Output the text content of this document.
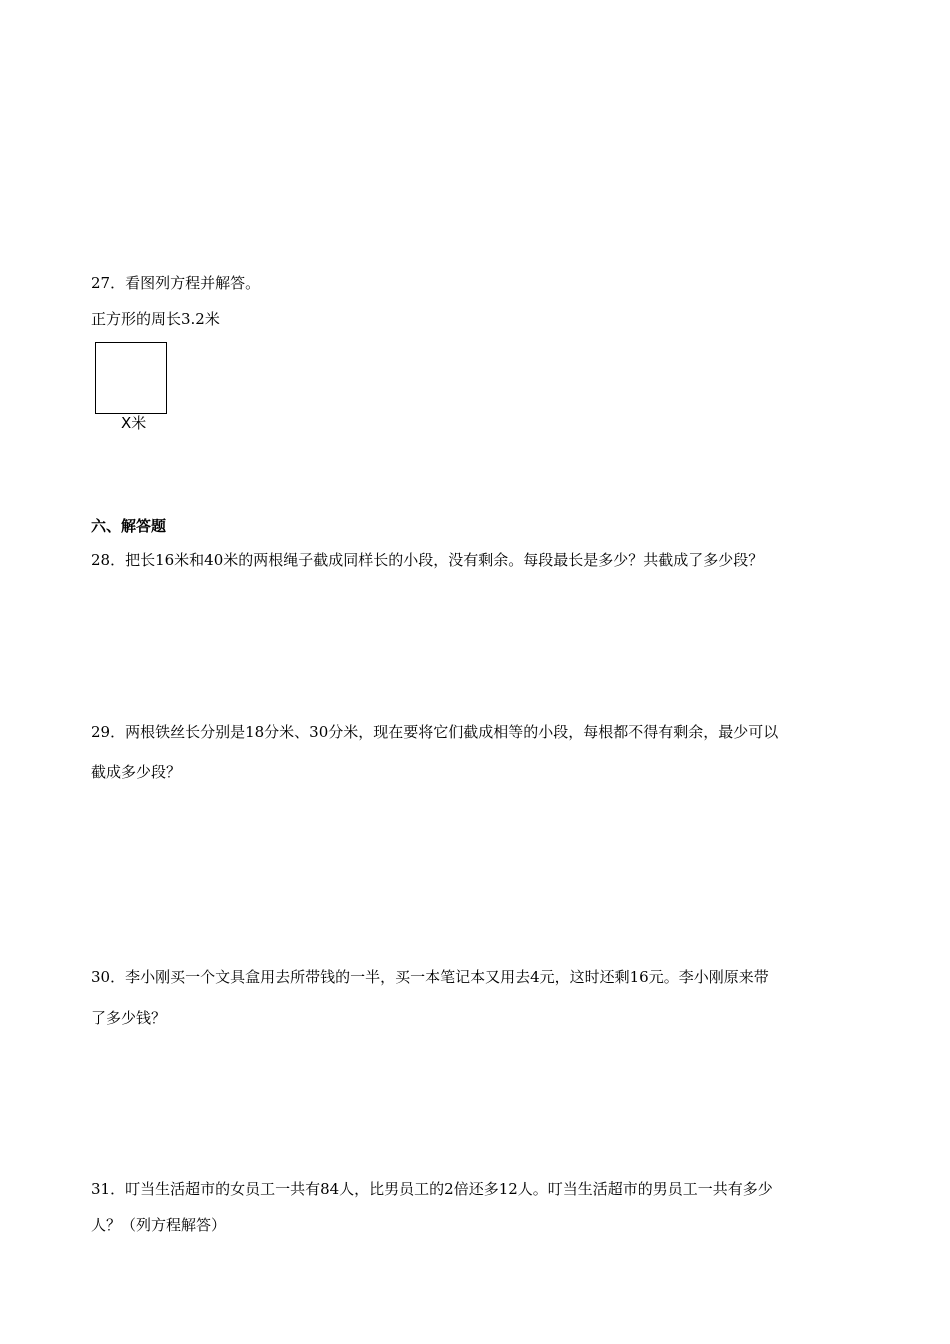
27．看图列方程并解答。
正方形的周长3.2米
X米
六、解答题
28．把长16米和40米的两根绳子截成同样长的小段，没有剩余。每段最长是多少？共截成了多少段？
29．两根铁丝长分别是18分米、30分米，现在要将它们截成相等的小段，每根都不得有剩余，最少可以
截成多少段？
30．李小刚买一个文具盒用去所带钱的一半，买一本笔记本又用去4元，这时还剩16元。李小刚原来带
了多少钱？
31．叮当生活超市的女员工一共有84人，比男员工的2倍还多12人。叮当生活超市的男员工一共有多少
人？（列方程解答）
